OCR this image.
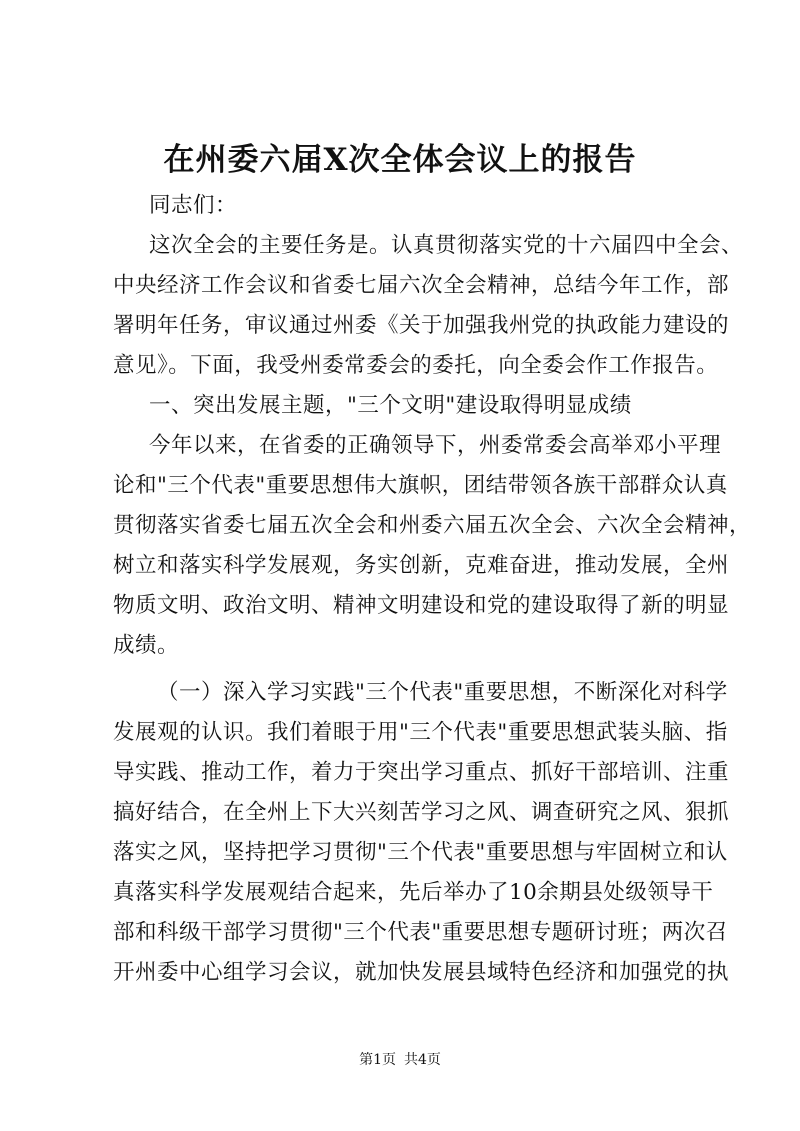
在州委六届X次全体会议上的报告
同志们：
这次全会的主要任务是。认真贯彻落实党的十六届四中全会、
中央经济工作会议和省委七届六次全会精神，总结今年工作，部
署明年任务，审议通过州委《关于加强我州党的执政能力建设的
意见》。下面，我受州委常委会的委托，向全委会作工作报告。
一、突出发展主题，"三个文明"建设取得明显成绩
今年以来，在省委的正确领导下，州委常委会高举邓小平理
论和"三个代表"重要思想伟大旗帜，团结带领各族干部群众认真
贯彻落实省委七届五次全会和州委六届五次全会、六次全会精神，
树立和落实科学发展观，务实创新，克难奋进，推动发展，全州
物质文明、政治文明、精神文明建设和党的建设取得了新的明显
成绩。
（一）深入学习实践"三个代表"重要思想，不断深化对科学
发展观的认识。我们着眼于用"三个代表"重要思想武装头脑、指
导实践、推动工作，着力于突出学习重点、抓好干部培训、注重
搞好结合，在全州上下大兴刻苦学习之风、调查研究之风、狠抓
落实之风，坚持把学习贯彻"三个代表"重要思想与牢固树立和认
真落实科学发展观结合起来，先后举办了10余期县处级领导干
部和科级干部学习贯彻"三个代表"重要思想专题研讨班；两次召
开州委中心组学习会议，就加快发展县域特色经济和加强党的执
第1页 共4页
